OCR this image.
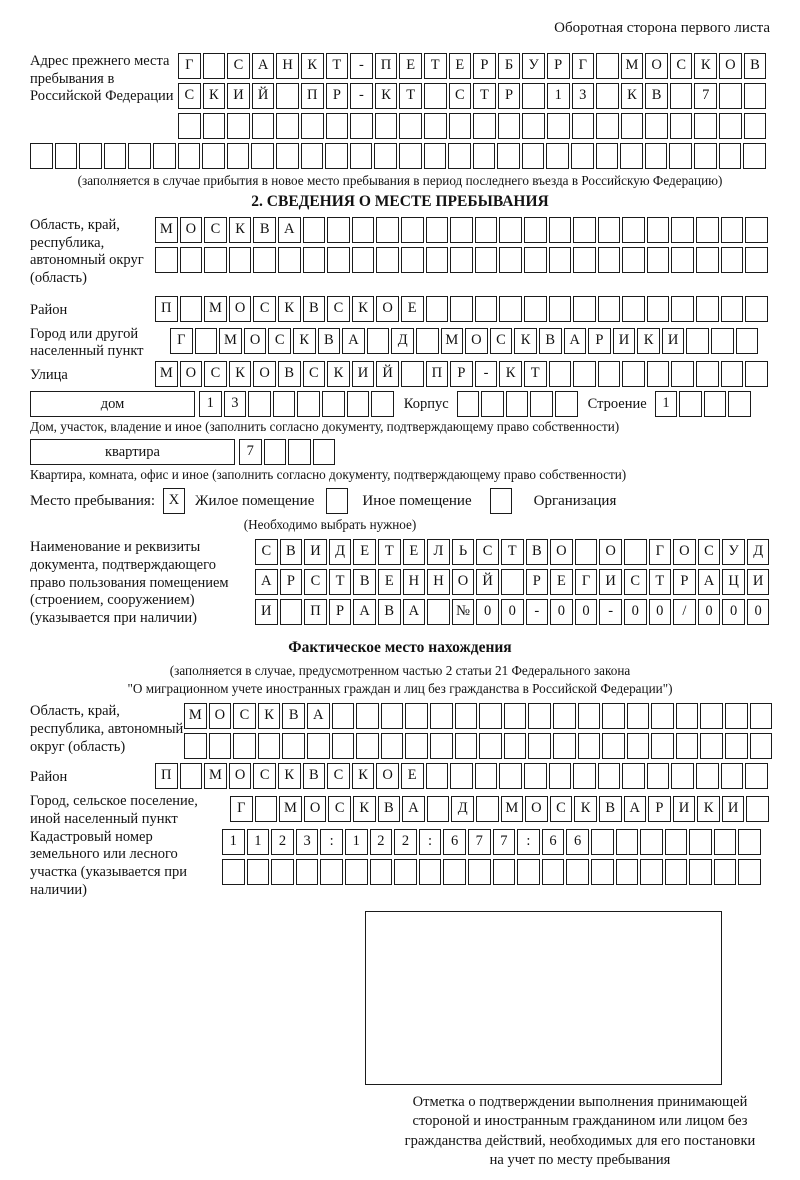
Оборотная сторона первого листа
Адрес прежнего места пребывания в Российской Федерации
Г	С А Н К Т - П Е Т Е Р Б У Р Г	М О С К О В
С К И Й	П Р - К Т	С Т Р	1 3	К В	7
(заполняется в случае прибытия в новое место пребывания в период последнего въезда в Российскую Федерацию)
2. СВЕДЕНИЯ О МЕСТЕ ПРЕБЫВАНИЯ
Область, край, республика, автономный округ (область)
М О С К В А
Район	П	М О С К В С К О Е
Город или другой населенный пункт
Г	М О С К В А	Д	М О С К В А Р И К И
Улица	М О С К О В С К И Й	П Р - К Т
дом	1 3	Корпус	Строение	1
Дом, участок, владение и иное (заполнить согласно документу, подтверждающему право собственности)
квартира	7
Квартира, комната, офис и иное (заполнить согласно документу, подтверждающему право собственности)
Место пребывания: X	Жилое помещение	Иное помещение	Организация
(Необходимо выбрать нужное)
Наименование и реквизиты документа, подтверждающего право пользования помещением (строением, сооружением) (указывается при наличии)
С В И Д Е Т Е Л Ь С Т В О	О	Г О С У Д
А Р С Т В Е Н Н О Й	Р Е Г И С Т Р А Ц И
И	П Р А В А	№ 0 0 - 0 0 - 0 0 / 0 0 0
Фактическое место нахождения
(заполняется в случае, предусмотренном частью 2 статьи 21 Федерального закона
"О миграционном учете иностранных граждан и лиц без гражданства в Российской Федерации")
Область, край, республика, автономный округ (область)
М О С К В А
Район	П	М О С К В С К О Е
Город, сельское поселение, иной населенный пункт
Г	М О С К В А	Д	М О С К В А Р И К И
Кадастровый номер земельного или лесного участка (указывается при наличии)
1 1 2 3 : 1 2 2 : 6 7 7 : 6 6
Отметка о подтверждении выполнения принимающей
стороной и иностранным гражданином или лицом без
гражданства действий, необходимых для его постановки
на учет по месту пребывания
